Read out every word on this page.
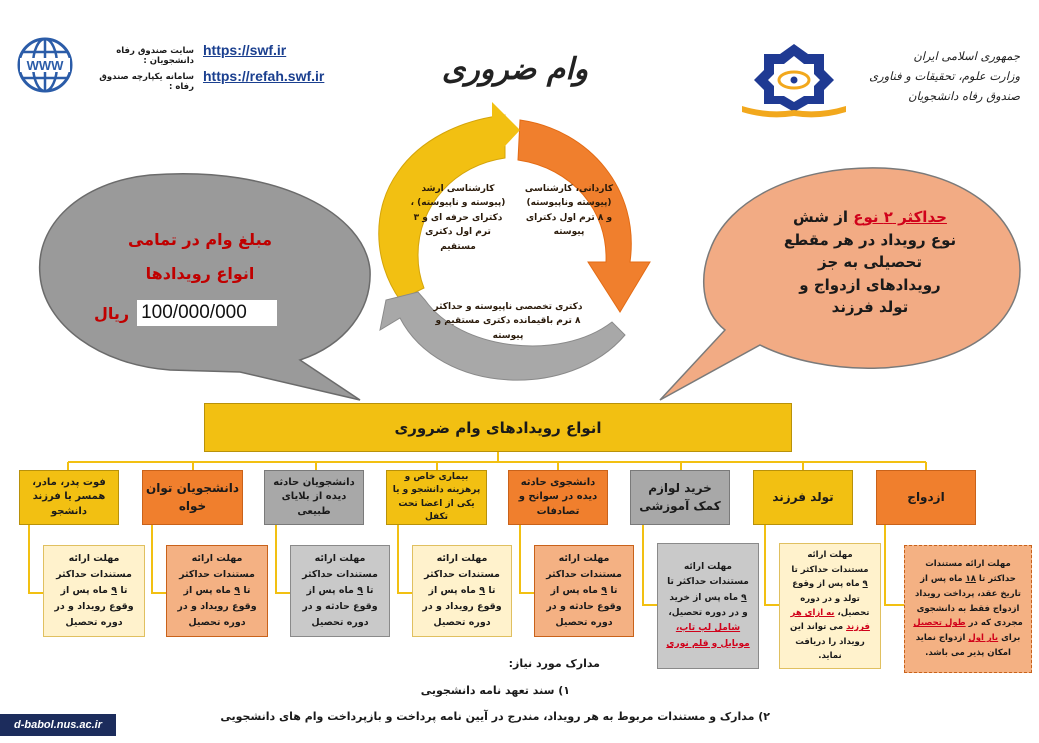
WWW
سایت صندوق رفاه دانشجویان :
https://swf.ir
سامانه یکپارچه صندوق رفاه :
https://refah.swf.ir	وام ضروری	جمهوری اسلامی ایران
وزارت علوم، تحقیقات و فناوری
صندوق رفاه دانشجویان
کاردانی، کارشناسی (پیوسته وناپیوسته) و ۸ ترم اول دکترای پیوسته
کارشناسی ارشد (پیوسته و ناپیوسته) ، دکترای حرفه ای و ۳ ترم اول دکتری مستقیم
دکتری تخصصی ناپیوسته و حداکثر ۸ ترم باقیمانده دکتری مستقیم و پیوسته
مبلغ وام در تمامی
انواع رویدادها
100/000/000
ریال
حداکثر ۲ نوع از شش
نوع رویداد در هر مقطع
تحصیلی به جز
رویدادهای ازدواج و
تولد فرزند
انواع رویدادهای وام ضروری
ازدواج
تولد فرزند
خرید لوازم کمک آموزشی
دانشجوی حادثه دیده در سوانح و تصادفات
بیماری خاص و پرهزینه دانشجو و یا یکی از اعضا تحت تکفل
دانشجویان حادثه دیده از بلایای طبیعی
دانشجویان توان خواه
فوت پدر، مادر، همسر یا فرزند دانشجو
مهلت ارائه مستندات حداکثر تا ۱۸ ماه پس از تاریخ عقد، پرداخت رویداد ازدواج فقط به دانشجوی مجردی که در طول تحصیل برای بار اول ازدواج نماید امکان پذیر می باشد.
مهلت ارائه مستندات حداکثر تا ۹ ماه پس از وقوع تولد و در دوره تحصیل، به ازای هر فرزند می تواند این رویداد را دریافت نماید.
مهلت ارائه مستندات حداکثر تا ۹ ماه پس از خرید و در دوره تحصیل، شامل لپ تاپ، موبایل و قلم نوری
مهلت ارائه مستندات حداکثر تا ۹ ماه پس از وقوع حادثه و در دوره تحصیل
مهلت ارائه مستندات حداکثر تا ۹ ماه پس از وقوع رویداد و در دوره تحصیل
مهلت ارائه مستندات حداکثر تا ۹ ماه پس از وقوع حادثه و در دوره تحصیل
مهلت ارائه مستندات حداکثر تا ۹ ماه پس از وقوع رویداد و در دوره تحصیل
مهلت ارائه مستندات حداکثر تا ۹ ماه پس از وقوع رویداد و در دوره تحصیل
مدارک مورد نیاز:
۱) سند تعهد نامه دانشجویی
۲) مدارک و مستندات مربوط به هر رویداد، مندرج در آیین نامه پرداخت و بازپرداخت وام های دانشجویی
d-babol.nus.ac.ir
